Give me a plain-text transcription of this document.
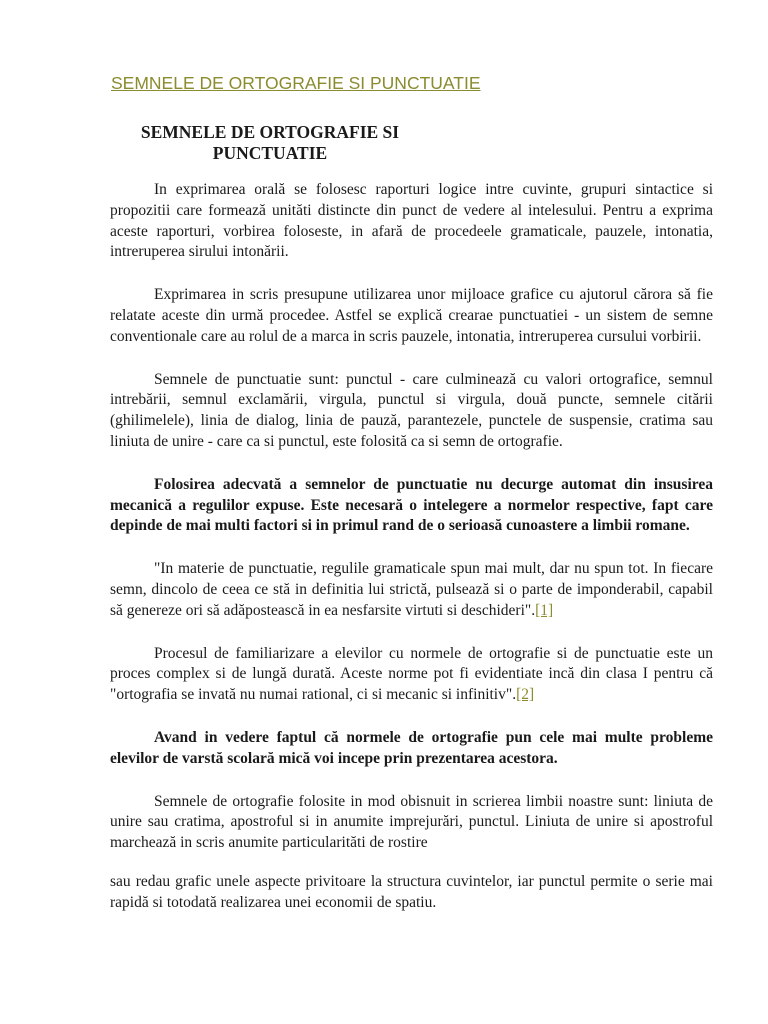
SEMNELE DE ORTOGRAFIE SI PUNCTUATIE
SEMNELE DE ORTOGRAFIE SI
PUNCTUATIE

In exprimarea orală se folosesc raporturi logice intre cuvinte, grupuri sintactice si propozitii care formează unităti distincte din punct de vedere al intelesului. Pentru a exprima aceste raporturi, vorbirea foloseste, in afară de procedeele gramaticale, pauzele, intonatia, intreruperea sirului intonării.

Exprimarea in scris presupune utilizarea unor mijloace grafice cu ajutorul cărora să fie relatate aceste din urmă procedee. Astfel se explică crearae punctuatiei - un sistem de semne conventionale care au rolul de a marca in scris pauzele, intonatia, intreruperea cursului vorbirii.

Semnele de punctuatie sunt: punctul - care culminează cu valori ortografice, semnul intrebării, semnul exclamării, virgula, punctul si virgula, două puncte, semnele citării (ghilimelele), linia de dialog, linia de pauză, parantezele, punctele de suspensie, cratima sau liniuta de unire - care ca si punctul, este folosită ca si semn de ortografie.

Folosirea adecvată a semnelor de punctuatie nu decurge automat din insusirea mecanică a regulilor expuse. Este necesară o intelegere a normelor respective, fapt care depinde de mai multi factori si in primul rand de o serioasă cunoastere a limbii romane.

"In materie de punctuatie, regulile gramaticale spun mai mult, dar nu spun tot. In fiecare semn, dincolo de ceea ce stă in definitia lui strictă, pulsează si o parte de imponderabil, capabil să genereze ori să adăpostească in ea nesfarsite virtuti si deschideri".[1]

Procesul de familiarizare a elevilor cu normele de ortografie si de punctuatie este un proces complex si de lungă durată. Aceste norme pot fi evidentiate incă din clasa I pentru că "ortografia se invată nu numai rational, ci si mecanic si infinitiv".[2]

Avand in vedere faptul că normele de ortografie pun cele mai multe probleme elevilor de varstă scolară mică voi incepe prin prezentarea acestora.

Semnele de ortografie folosite in mod obisnuit in scrierea limbii noastre sunt: liniuta de unire sau cratima, apostroful si in anumite imprejurări, punctul. Liniuta de unire si apostroful marchează in scris anumite particularităti de rostire

sau redau grafic unele aspecte privitoare la structura cuvintelor, iar punctul permite o serie mai rapidă si totodată realizarea unei economii de spatiu.
